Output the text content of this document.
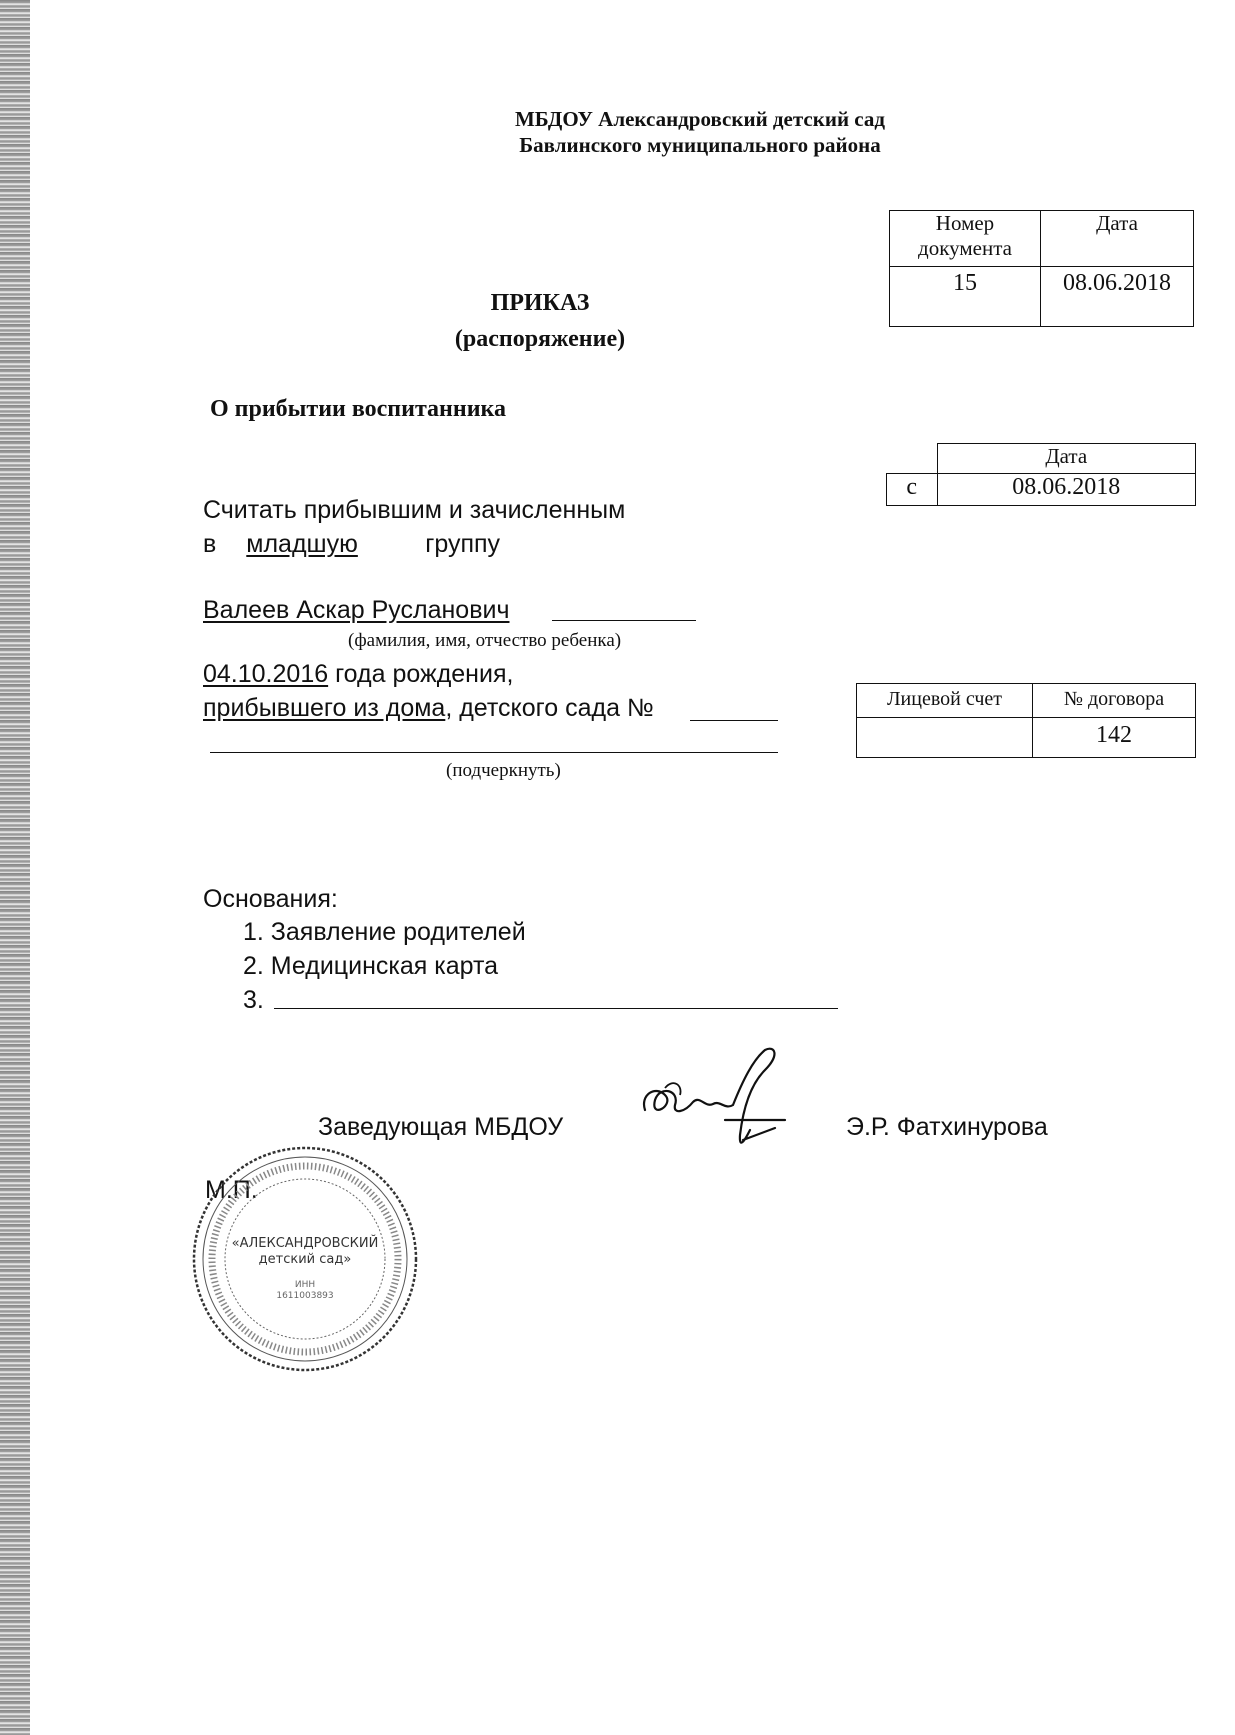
МБДОУ Александровский детский сад
Бавлинского муниципального района
Номер документа	Дата
15	08.06.2018
ПРИКАЗ
(распоряжение)
О прибытии воспитанника
	Дата
с	08.06.2018
Считать прибывшим и зачисленным
в младшую	группу
Валеев Аскар Русланович
(фамилия, имя, отчество ребенка)
04.10.2016 года рождения,
прибывшего из дома, детского сада №
(подчеркнуть)
Лицевой счет	№ договора
	142
Основания:
1. Заявление родителей
2. Медицинская карта
3.
Заведующая МБДОУ	Э.Р. Фатхинурова
М.П.
«АЛЕКСАНДРОВСКИЙ
детский сад»
ИНН
1611003893
